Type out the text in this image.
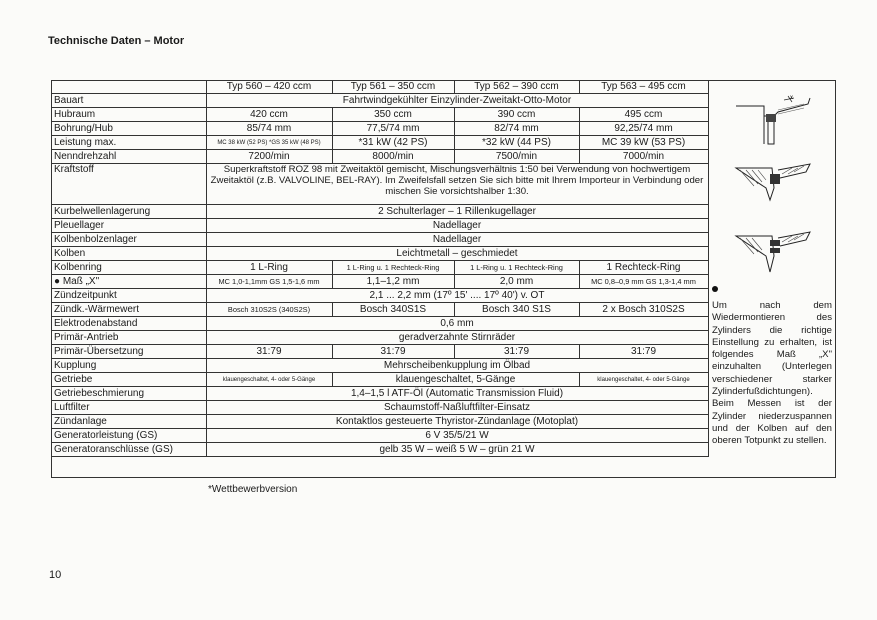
Technische Daten – Motor
	Typ 560 – 420 ccm	Typ 561 – 350 ccm	Typ 562 – 390 ccm	Typ 563 – 495 ccm
Bauart	Fahrtwindgekühlter Einzylinder-Zweitakt-Otto-Motor			
Hubraum	420 ccm	350 ccm	390 ccm	495 ccm
Bohrung/Hub	85/74 mm	77,5/74 mm	82/74 mm	92,25/74 mm
Leistung max.	MC 38 kW (52 PS) *GS 35 kW (48 PS)	*31 kW (42 PS)	*32 kW (44 PS)	MC 39 kW (53 PS)
Nenndrehzahl	7200/min	8000/min	7500/min	7000/min
Kraftstoff	Superkraftstoff ROZ 98 mit Zweitaktöl gemischt, Mischungsverhältnis 1:50 bei Verwendung von hochwertigem Zweitaktöl (z.B. VALVOLINE, BEL-RAY). Im Zweifelsfall setzen Sie sich bitte mit Ihrem Importeur in Verbindung oder mischen Sie vorsichtshalber 1:30.			
Kurbelwellenlagerung	2 Schulterlager – 1 Rillenkugellager			
Pleuellager	Nadellager			
Kolbenbolzenlager	Nadellager			
Kolben	Leichtmetall – geschmiedet			
Kolbenring	1 L-Ring	1 L-Ring u. 1 Rechteck-Ring	1 L-Ring u. 1 Rechteck-Ring	1 Rechteck-Ring
● Maß „X"	MC 1,0-1,1mm GS 1,5-1,6 mm	1,1–1,2 mm	2,0 mm	MC 0,8–0,9 mm GS 1,3-1,4 mm
Zündzeitpunkt	2,1 ... 2,2 mm (17º 15' .... 17º 40') v. OT			
Zündk.-Wärmewert	Bosch 310S2S (340S2S)	Bosch 340S1S	Bosch 340 S1S	2 x Bosch 310S2S
Elektrodenabstand	0,6 mm			
Primär-Antrieb	geradverzahnte Stirnräder			
Primär-Übersetzung	31:79	31:79	31:79	31:79
Kupplung	Mehrscheibenkupplung im Ölbad			
Getriebe	klauengeschaltet, 4- oder 5-Gänge	klauengeschaltet, 5-Gänge		klauengeschaltet, 4- oder 5-Gänge
Getriebeschmierung	1,4–1,5 l ATF-Öl (Automatic Transmission Fluid)			
Luftfilter	Schaumstoff-Naßluftfilter-Einsatz			
Zündanlage	Kontaktlos gesteuerte Thyristor-Zündanlage (Motoplat)			
Generatorleistung (GS)	6 V 35/5/21 W			
Generatoranschlüsse (GS)	gelb 35 W – weiß 5 W – grün 21 W			
x
Um nach dem Wiedermontieren des Zylinders die richtige Einstellung zu erhalten, ist folgendes Maß „X" einzuhalten (Unterlegen verschiedener starker Zylinderfußdichtungen). Beim Messen ist der Zylinder niederzuspannen und der Kolben auf den oberen Totpunkt zu stellen.
*Wettbewerbversion
10
